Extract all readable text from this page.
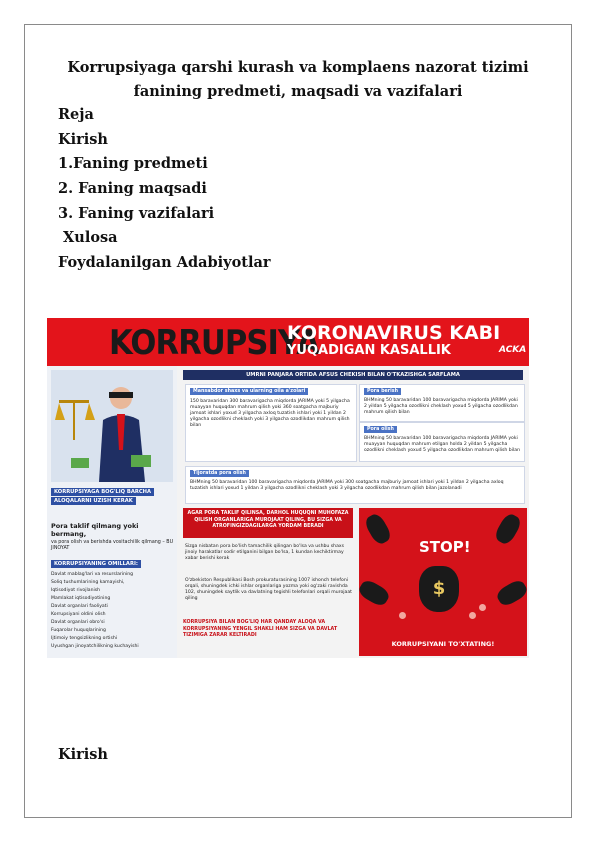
Korrupsiyaga qarshi kurash va komplaens nazorat tizimi
fanining predmeti, maqsadi va vazifalari
Reja
Kirish
1.Faning predmeti
2. Faning maqsadi
3. Faning vazifalari
Xulosa
Foydalanilgan Adabiyotlar
KORRUPSIYA
KORONAVIRUS KABI
YUQADIGAN KASALLIK	ACKA
KORRUPSIYAGA BOG'LIQ BARCHA
ALOQALARNI UZISH KERAK
Pora taklif qilmang yoki bermang,
va pora olish va berishda vositachilik qilmang – BU JINOYAT
KORRUPSIYANING OMILLARI:
Davlat mablag'lari va resurslarining
Soliq tushumlarining kamayishi,
Iqtisodiyot rivojlanish
Mamlakat iqtisodiyotining
Davlat organlari faoliyati
Korrupsiyani oldini olish
Davlat organlari obro'si
Fuqarolar huquqlarining
Ijtimoiy tengsizlikning ortishi
Uyushgan jinoyatchilikning kuchayishi
UMRNI PANJARA ORTIDA AFSUS CHEKISH BILAN O'TKAZISHGA SARFLAMA
Mansabdor shaxs va ularning oila a'zolari
150 baravaridan 300 baravarigacha miqdorda JARIMA yoki 5 yilgacha muayyan huquqdan mahrum qilish yoki 360 soatgacha majburiy jamoat ishlari yoxud 3 yilgacha axloq tuzatish ishlari yoki 1 yildan 2 yilgacha ozodlikni cheklash yoki 3 yilgacha ozodlikdan mahrum qilish bilan
Pora berish
BHMning 50 baravaridan 100 baravarigacha miqdorda JARIMA yoki 2 yildan 5 yilgacha ozodlikni cheklash yoxud 5 yilgacha ozodlikdan mahrum qilish bilan
Pora olish
BHMning 50 baravaridan 100 baravarigacha miqdorda JARIMA yoki muayyan huquqdan mahrum etilgan holda 2 yildan 5 yilgacha ozodlikni cheklash yoxud 5 yilgacha ozodlikdan mahrum qilish bilan
Tijoratda pora olish
BHMning 50 baravaridan 100 baravarigacha miqdorda JARIMA yoki 300 soatgacha majburiy jamoat ishlari yoki 1 yildan 2 yilgacha axloq tuzatish ishlari yoxud 1 yildan 3 yilgacha ozodlikni cheklash yoki 3 yilgacha ozodlikdan mahrum qilish bilan jazolanadi
AGAR PORA TAKLIF QILINSA, DARHOL HUQUQNI MUHOFAZA QILISH ORGANLARIGA MUROJAAT QILING, BU SIZGA VA ATROFINGIZDAGILARGA YORDAM BERADI
Sizga nisbatan pora bo'lish tamachilik qilingan bo'lsa va ushbu shaxs jinoiy harakatlar sodir etilganini bilgan bo'lsa, 1 kundan kechiktirmay xabar berishi kerak
O'zbekiston Respublikasi Bosh prokuraturasining 1007 ishonch telefoni orqali, shuningdek ichki ishlar organlariga yozma yoki og'zaki ravishda 102, shuningdek saytlik va davlatning tegishli telefonlari orqali murojaat qiling
KORRUPSIYA BILAN BOG'LIQ HAR QANDAY ALOQA VA KORRUPSIYANING YENGIL SHAKLI HAM SIZGA VA DAVLAT TIZIMIGA ZARAR KELTIRADI
STOP!
$
KORRUPSIYANI TO'XTATING!
Kirish
